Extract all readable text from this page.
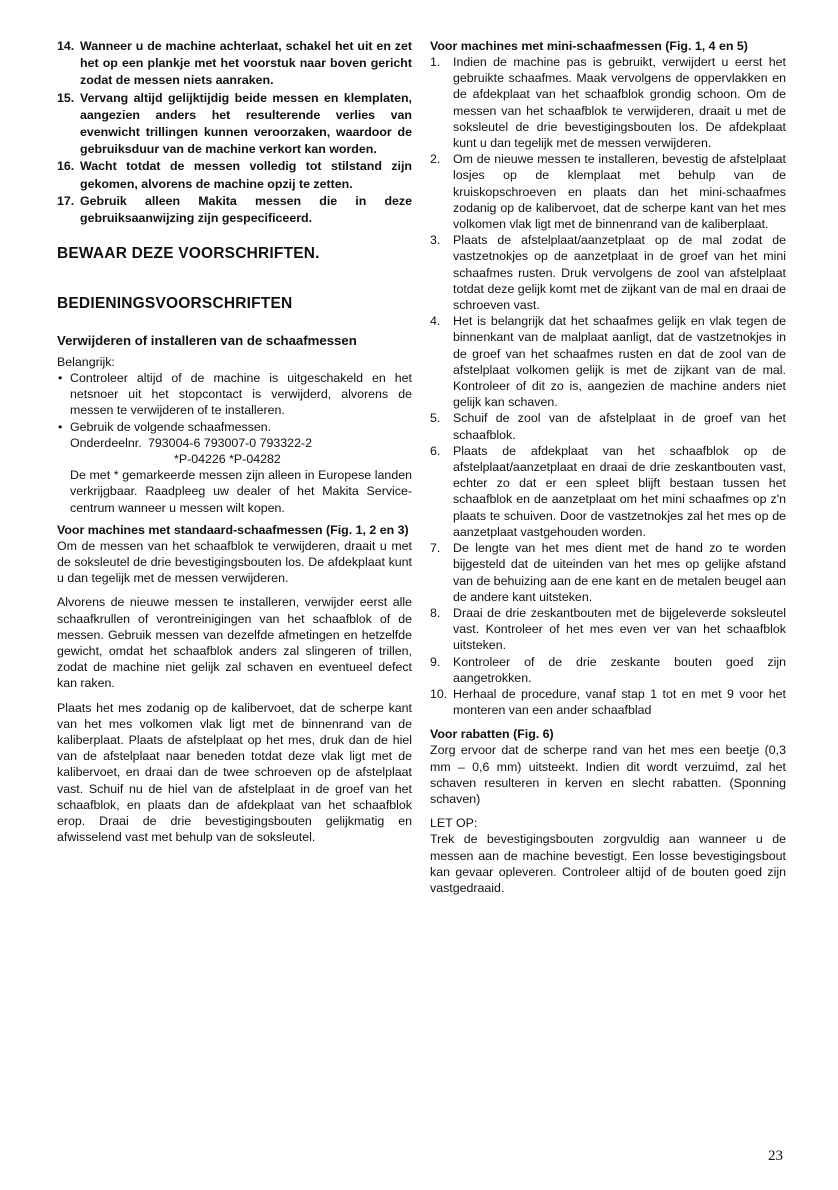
14. Wanneer u de machine achterlaat, schakel het uit en zet het op een plankje met het voorstuk naar boven gericht zodat de messen niets aanraken.
15. Vervang altijd gelijktijdig beide messen en klemplaten, aangezien anders het resulterende verlies van evenwicht trillingen kunnen veroorzaken, waardoor de gebruiksduur van de machine verkort kan worden.
16. Wacht totdat de messen volledig tot stilstand zijn gekomen, alvorens de machine opzij te zetten.
17. Gebruik alleen Makita messen die in deze gebruiksaanwijzing zijn gespecificeerd.
BEWAAR DEZE VOORSCHRIFTEN.
BEDIENINGSVOORSCHRIFTEN
Verwijderen of installeren van de schaafmessen

Belangrijk:

• Controleer altijd of de machine is uitgeschakeld en het netsnoer uit het stopcontact is verwijderd, alvorens de messen te verwijderen of te installeren.
• Gebruik de volgende schaafmessen.
Onderdeelnr. 793004-6 793007-0 793322-2
*P-04226 *P-04282

De met * gemarkeerde messen zijn alleen in Europese landen verkrijgbaar. Raadpleeg uw dealer of het Makita Service-centrum wanneer u messen wilt kopen.

Voor machines met standaard-schaafmessen (Fig. 1, 2 en 3)

Om de messen van het schaafblok te verwijderen, draait u met de soksleutel de drie bevestigingsbouten los. De afdekplaat kunt u dan tegelijk met de messen verwijderen.

Alvorens de nieuwe messen te installeren, verwijder eerst alle schaafkrullen of verontreinigingen van het schaafblok of de messen. Gebruik messen van dezelfde afmetingen en hetzelfde gewicht, omdat het schaafblok anders zal slingeren of trillen, zodat de machine niet gelijk zal schaven en eventueel defect kan raken.

Plaats het mes zodanig op de kalibervoet, dat de scherpe kant van het mes volkomen vlak ligt met de binnenrand van de kaliberplaat. Plaats de afstelplaat op het mes, druk dan de hiel van de afstelplaat naar beneden totdat deze vlak ligt met de kalibervoet, en draai dan de twee schroeven op de afstelplaat vast. Schuif nu de hiel van de afstelplaat in de groef van het schaafblok, en plaats dan de afdekplaat van het schaafblok erop. Draai de drie bevestigingsbouten gelijkmatig en afwisselend vast met behulp van de soksleutel.

Voor machines met mini-schaafmessen (Fig. 1, 4 en 5)
1. Indien de machine pas is gebruikt, verwijdert u eerst het gebruikte schaafmes. Maak vervolgens de oppervlakken en de afdekplaat van het schaafblok grondig schoon. Om de messen van het schaafblok te verwijderen, draait u met de soksleutel de drie bevestigingsbouten los. De afdekplaat kunt u dan tegelijk met de messen verwijderen.
2. Om de nieuwe messen te installeren, bevestig de afstelplaat losjes op de klemplaat met behulp van de kruiskopschroeven en plaats dan het mini-schaafmes zodanig op de kalibervoet, dat de scherpe kant van het mes volkomen vlak ligt met de binnenrand van de kaliberplaat.
3. Plaats de afstelplaat/aanzetplaat op de mal zodat de vastzetnokjes op de aanzetplaat in de groef van het mini schaafmes rusten. Druk vervolgens de zool van afstelplaat totdat deze gelijk komt met de zijkant van de mal en draai de schroeven vast.
4. Het is belangrijk dat het schaafmes gelijk en vlak tegen de binnenkant van de malplaat aanligt, dat de vastzetnokjes in de groef van het schaafmes rusten en dat de zool van de afstelplaat volkomen gelijk is met de zijkant van de mal. Kontroleer of dit zo is, aangezien de machine anders niet gelijk kan schaven.
5. Schuif de zool van de afstelplaat in de groef van het schaafblok.
6. Plaats de afdekplaat van het schaafblok op de afstelplaat/aanzetplaat en draai de drie zeskantbouten vast, echter zo dat er een spleet blijft bestaan tussen het schaafblok en de aanzetplaat om het mini schaafmes op z'n plaats te schuiven. Door de vastzetnokjes zal het mes op de aanzetplaat vastgehouden worden.
7. De lengte van het mes dient met de hand zo te worden bijgesteld dat de uiteinden van het mes op gelijke afstand van de behuizing aan de ene kant en de metalen beugel aan de andere kant uitsteken.
8. Draai de drie zeskantbouten met de bijgeleverde soksleutel vast. Kontroleer of het mes even ver van het schaafblok uitsteken.
9. Kontroleer of de drie zeskante bouten goed zijn aangetrokken.
10. Herhaal de procedure, vanaf stap 1 tot en met 9 voor het monteren van een ander schaafblad
Voor rabatten (Fig. 6)

Zorg ervoor dat de scherpe rand van het mes een beetje (0,3 mm – 0,6 mm) uitsteekt. Indien dit wordt verzuimd, zal het schaven resulteren in kerven en slecht rabatten. (Sponning schaven)

LET OP:

Trek de bevestigingsbouten zorgvuldig aan wanneer u de messen aan de machine bevestigt. Een losse bevestigingsbout kan gevaar opleveren. Controleer altijd of de bouten goed zijn vastgedraaid.

23
